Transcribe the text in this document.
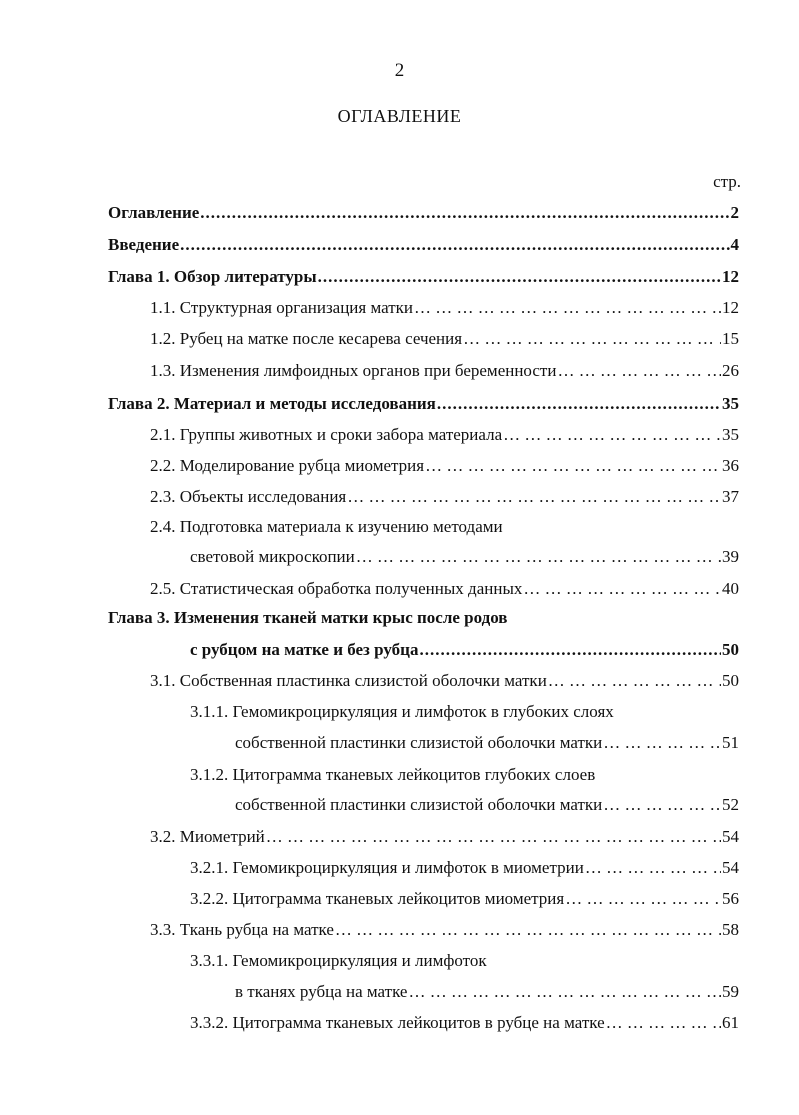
2
ОГЛАВЛЕНИЕ
стр.
Оглавление .....	2
Введение .....	4
Глава 1. Обзор литературы .....	12
1.1. Структурная организация матки … … … … … … … … … … … … … … … … … … … … … … … … … … … … … … … … … … … … … … … … … … … … … … … … … … … … … … … … … … … … … … … … … …	12
1.2. Рубец на матке после кесарева сечения … … … … … … … … … … … … … … … … … … … … … … … … … … … … … … … … … … … … … … … … … … … … … … … … … … … … … … … … … … … … … … … … … …	15
1.3. Изменения лимфоидных органов при беременности … … … … … … … … … … … … … … … … … … … … … … … … … … … … … … … … … … … … … … … … … … … … … … … … … … … … … … … … … … … … … … … … … …	26
Глава 2. Материал и методы исследования .....	35
2.1. Группы животных и сроки забора материала … … … … … … … … … … … … … … … … … … … … … … … … … … … … … … … … … … … … … … … … … … … … … … … … … … … … … … … … … … … … … … … … … …	35
2.2. Моделирование рубца миометрия … … … … … … … … … … … … … … … … … … … … … … … … … … … … … … … … … … … … … … … … … … … … … … … … … … … … … … … … … … … … … … … … … …	36
2.3. Объекты исследования … … … … … … … … … … … … … … … … … … … … … … … … … … … … … … … … … … … … … … … … … … … … … … … … … … … … … … … … … … … … … … … … … …	37
2.4. Подготовка материала к изучению методами
световой микроскопии … … … … … … … … … … … … … … … … … … … … … … … … … … … … … … … … … … … … … … … … … … … … … … … … … … … … … … … … … … … … … … … … … …	39
2.5. Статистическая обработка полученных данных … … … … … … … … … … … … … … … … … … … … … … … … … … … … … … … … … … … … … … … … … … … … … … … … … … … … … … … … … … … … … … … … … …	40
Глава 3. Изменения тканей матки крыс после родов
с рубцом на матке и без рубца .....	50
3.1. Собственная пластинка слизистой оболочки матки … … … … … … … … … … … … … … … … … … … … … … … … … … … … … … … … … … … … … … … … … … … … … … … … … … … … … … … … … … … … … … … … … …	50
3.1.1. Гемомикроциркуляция и лимфоток в глубоких слоях
собственной пластинки слизистой оболочки матки … … … … … … … … … … … … … … … … … … … … … … … … … … … … … … … … … … … … … … … … … … … … … … … … … … … … … … … … … … … … … … … … … …	51
3.1.2. Цитограмма тканевых лейкоцитов глубоких слоев
собственной пластинки слизистой оболочки матки … … … … … … … … … … … … … … … … … … … … … … … … … … … … … … … … … … … … … … … … … … … … … … … … … … … … … … … … … … … … … … … … … …	52
3.2. Миометрий … … … … … … … … … … … … … … … … … … … … … … … … … … … … … … … … … … … … … … … … … … … … … … … … … … … … … … … … … … … … … … … … … …	54
3.2.1. Гемомикроциркуляция и лимфоток в миометрии … … … … … … … … … … … … … … … … … … … … … … … … … … … … … … … … … … … … … … … … … … … … … … … … … … … … … … … … … … … … … … … … … …	54
3.2.2. Цитограмма тканевых лейкоцитов миометрия … … … … … … … … … … … … … … … … … … … … … … … … … … … … … … … … … … … … … … … … … … … … … … … … … … … … … … … … … … … … … … … … … …	56
3.3. Ткань рубца на матке … … … … … … … … … … … … … … … … … … … … … … … … … … … … … … … … … … … … … … … … … … … … … … … … … … … … … … … … … … … … … … … … … …	58
3.3.1. Гемомикроциркуляция и лимфоток
в тканях рубца на матке … … … … … … … … … … … … … … … … … … … … … … … … … … … … … … … … … … … … … … … … … … … … … … … … … … … … … … … … … … … … … … … … … …	59
3.3.2. Цитограмма тканевых лейкоцитов в рубце на матке … … … … … … … … … … … … … … … … … … … … … … … … … … … … … … … … … … … … … … … … … … … … … … … … … … … … … … … … … … … … … … … … … …	61
